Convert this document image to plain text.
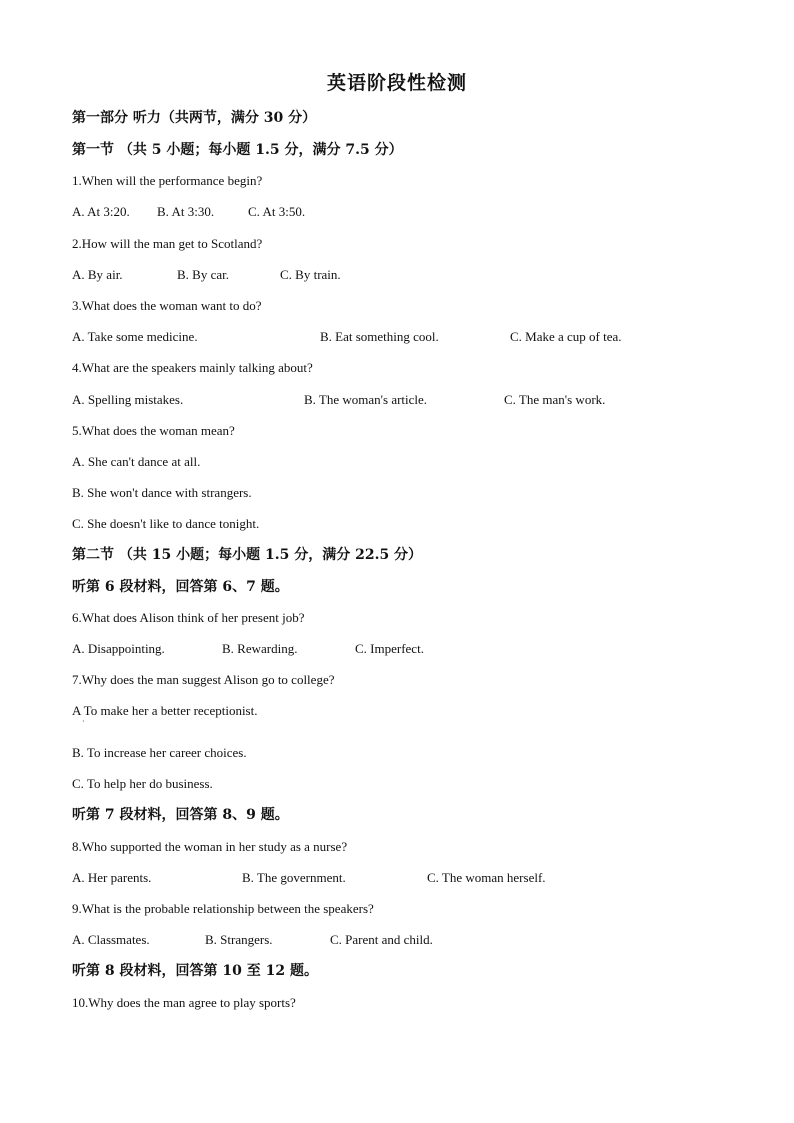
英语阶段性检测
第一部分 听力（共两节，满分 30 分）
第一节 （共 5 小题；每小题 1.5 分，满分 7.5 分）
1.When will the performance begin?
A. At 3:20. B. At 3:30.	C. At 3:50.
2.How will the man get to Scotland?
A. By air.	B. By car.	C. By train.
3.What does the woman want to do?
A. Take some medicine.	B. Eat something cool.	C. Make a cup of tea.
4.What are the speakers mainly talking about?
A. Spelling mistakes.	B. The woman's article.	C. The man's work.
5.What does the woman mean?
A. She can't dance at all.
B. She won't dance with strangers.
C. She doesn't like to dance tonight.
第二节 （共 15 小题；每小题 1.5 分，满分 22.5 分）
听第 6 段材料，回答第 6、7 题。
6.What does Alison think of her present job?
A. Disappointing.	B. Rewarding.	C. Imperfect.
7.Why does the man suggest Alison go to college?
A To make her a better receptionist.
·
B. To increase her career choices.
C. To help her do business.
听第 7 段材料，回答第 8、9 题。
8.Who supported the woman in her study as a nurse?
A. Her parents.	B. The government.	C. The woman herself.
9.What is the probable relationship between the speakers?
A. Classmates.	B. Strangers.	C. Parent and child.
听第 8 段材料，回答第 10 至 12 题。
10.Why does the man agree to play sports?
